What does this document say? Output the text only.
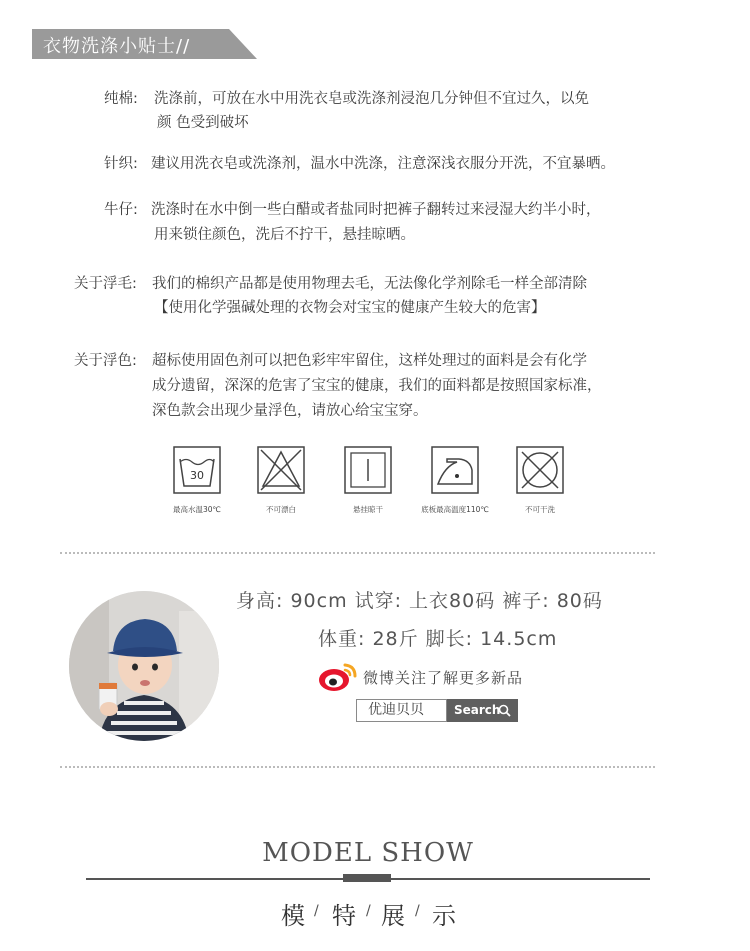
衣物洗涤小贴士//
纯棉: 洗涤前，可放在水中用洗衣皂或洗涤剂浸泡几分钟但不宜过久，以免
颜 色受到破坏
针织: 建议用洗衣皂或洗涤剂，温水中洗涤，注意深浅衣服分开洗，不宜暴晒。
牛仔: 洗涤时在水中倒一些白醋或者盐同时把裤子翻转过来浸湿大约半小时，
用来锁住颜色，洗后不拧干，悬挂晾晒。
关于浮毛: 我们的棉织产品都是使用物理去毛，无法像化学剂除毛一样全部清除
【使用化学强碱处理的衣物会对宝宝的健康产生较大的危害】
关于浮色: 超标使用固色剂可以把色彩牢牢留住，这样处理过的面料是会有化学
成分遗留，深深的危害了宝宝的健康，我们的面料都是按照国家标准，
深色款会出现少量浮色，请放心给宝宝穿。
30
最高水温30℃	不可漂白	悬挂晾干	底板最高温度110℃	不可干洗
身高: 90cm 试穿: 上衣80码 裤子: 80码
体重: 28斤 脚长: 14.5cm
微博关注了解更多新品
优迪贝贝	Search
MODEL SHOW
模 / 特 / 展 / 示
